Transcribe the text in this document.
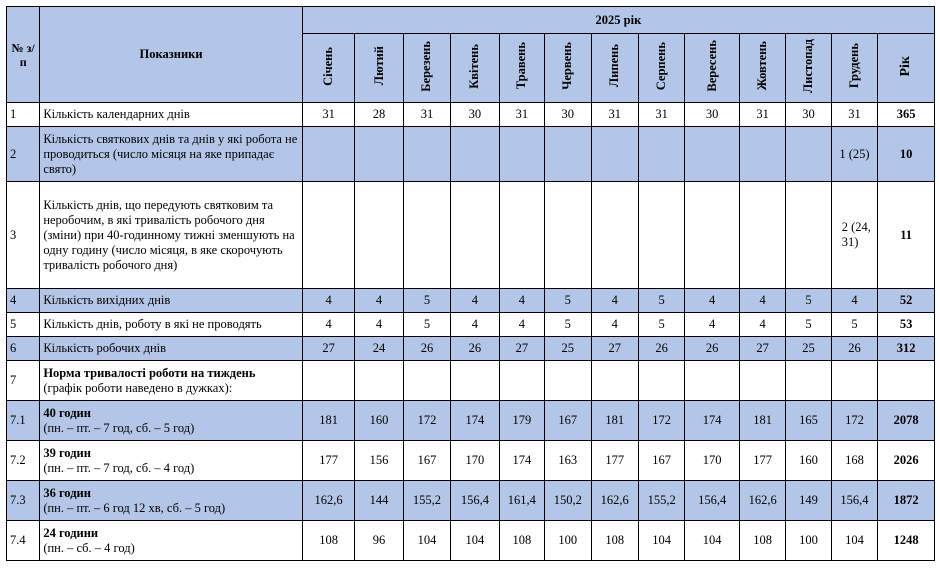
№ з/п	Показники	2025 рік												
		Січень	Лютий	Березень	Квітень	Травень	Червень	Липень	Серпень	Вересень	Жовтень	Листопад	Грудень	Рік
1	Кількість календарних днів	31	28	31	30	31	30	31	31	30	31	30	31	365
2	Кількість святкових днів та днів у які робота не проводиться (число місяця на яке припадає свято)												1 (25)	10
3	Кількість днів, що передують святковим та неробочим, в які тривалість робочого дня (зміни) при 40-годинному тижні зменшують на одну годину (число місяця, в яке скорочують тривалість робочого дня)												2 (24, 31)	11
4	Кількість вихідних днів	4	4	5	4	4	5	4	5	4	4	5	4	52
5	Кількість днів, роботу в які не проводять	4	4	5	4	4	5	4	5	4	4	5	5	53
6	Кількість робочих днів	27	24	26	26	27	25	27	26	26	27	25	26	312
7	Норма тривалості роботи на тиждень
(графік роботи наведено в дужках):													

7.1	40 годин
(пн. – пт. – 7 год, сб. – 5 год)	181	160	172	174	179	167	181	172	174	181	165	172	2078
7.2	39 годин
(пн. – пт. – 7 год, сб. – 4 год)	177	156	167	170	174	163	177	167	170	177	160	168	2026
7.3	36 годин
(пн. – пт. – 6 год 12 хв, сб. – 5 год)	162,6	144	155,2	156,4	161,4	150,2	162,6	155,2	156,4	162,6	149	156,4	1872
7.4	24 години
(пн. – сб. – 4 год)	108	96	104	104	108	100	108	104	104	108	100	104	1248
